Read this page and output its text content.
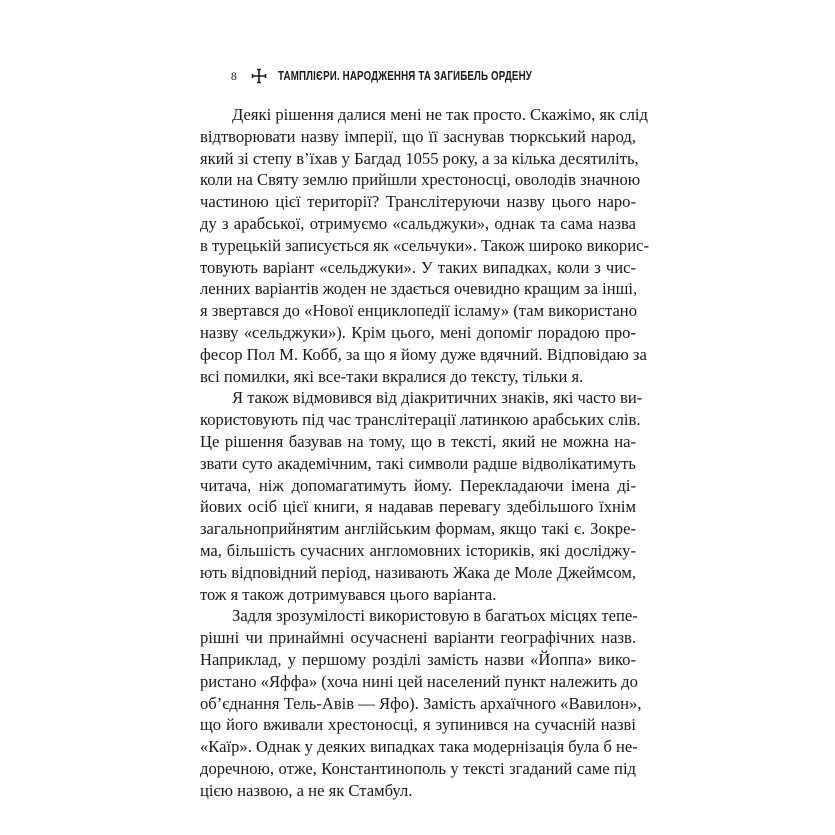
8	ТАМПЛІЄРИ. НАРОДЖЕННЯ ТА ЗАГИБЕЛЬ ОРДЕНУ
Деякі рішення далися мені не так просто. Скажімо, як слід
відтворювати назву імперії, що її заснував тюркський народ,
який зі степу в’їхав у Багдад 1055 року, а за кілька десятиліть,
коли на Святу землю прийшли хрестоносці, оволодів значною
частиною цієї території? Транслітеруючи назву цього наро-
ду з арабської, отримуємо «сальджуки», однак та сама назва
в турецькій записується як «сельчуки». Також широко викорис-
товують варіант «сельджуки». У таких випадках, коли з чис-
ленних варіантів жоден не здається очевидно кращим за інші,
я звертався до «Нової енциклопедії ісламу» (там використано
назву «сельджуки»). Крім цього, мені допоміг порадою про-
фесор Пол М. Кобб, за що я йому дуже вдячний. Відповідаю за
всі помилки, які все-таки вкралися до тексту, тільки я.
Я також відмовився від діакритичних знаків, які часто ви-
користовують під час транслітерації латинкою арабських слів.
Це рішення базував на тому, що в тексті, який не можна на-
звати суто академічним, такі символи радше відволікатимуть
читача, ніж допомагатимуть йому. Перекладаючи імена ді-
йових осіб цієї книги, я надавав перевагу здебільшого їхнім
загальноприйнятим англійським формам, якщо такі є. Зокре-
ма, більшість сучасних англомовних істориків, які досліджу-
ють відповідний період, називають Жака де Моле Джеймсом,
тож я також дотримувався цього варіанта.
Задля зрозумілості використовую в багатьох місцях тепе-
рішні чи принаймні осучаснені варіанти географічних назв.
Наприклад, у першому розділі замість назви «Йоппа» вико-
ристано «Яффа» (хоча нині цей населений пункт належить до
об’єднання Тель-Авів — Яфо). Замість архаїчного «Вавилон»,
що його вживали хрестоносці, я зупинився на сучасній назві
«Каїр». Однак у деяких випадках така модернізація була б не-
доречною, отже, Константинополь у тексті згаданий саме під
цією назвою, а не як Стамбул.
